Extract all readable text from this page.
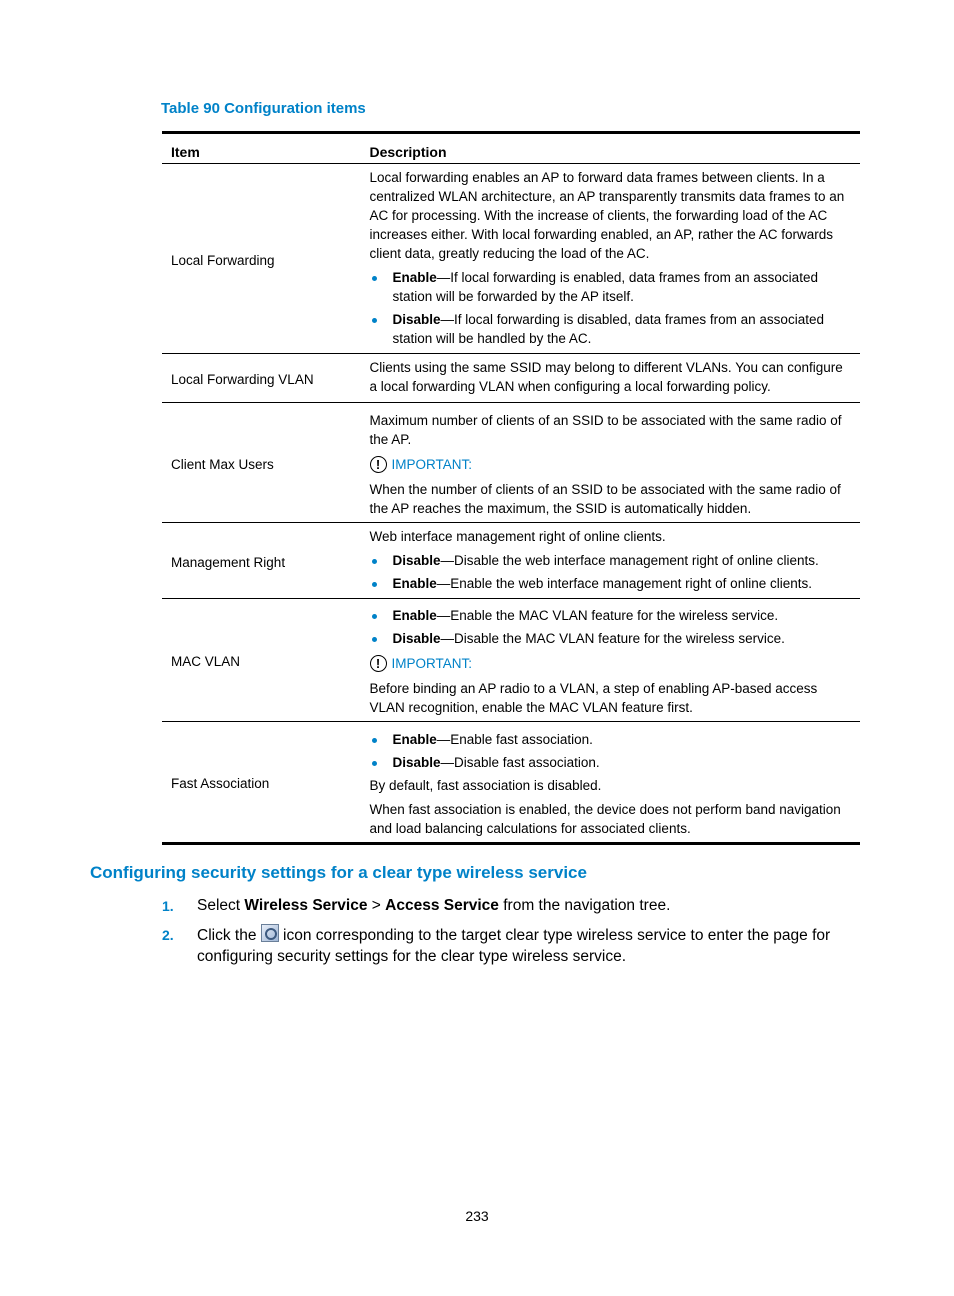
Table 90 Configuration items
Item	Description
Local Forwarding	Local forwarding enables an AP to forward data frames between clients. In a centralized WLAN architecture, an AP transparently transmits data frames to an AC for processing. With the increase of clients, the forwarding load of the AC increases either. With local forwarding enabled, an AP, rather the AC forwards client data, greatly reducing the load of the AC.
Enable—If local forwarding is enabled, data frames from an associated station will be forwarded by the AP itself.
Disable—If local forwarding is disabled, data frames from an associated station will be handled by the AC.

Local Forwarding VLAN	Clients using the same SSID may belong to different VLANs. You can configure a local forwarding VLAN when configuring a local forwarding policy.

Client Max Users	Maximum number of clients of an SSID to be associated with the same radio of the AP.
! IMPORTANT:
When the number of clients of an SSID to be associated with the same radio of the AP reaches the maximum, the SSID is automatically hidden.

Management Right	Web interface management right of online clients.
Disable—Disable the web interface management right of online clients.
Enable—Enable the web interface management right of online clients.

MAC VLAN	Enable—Enable the MAC VLAN feature for the wireless service.
Disable—Disable the MAC VLAN feature for the wireless service.
! IMPORTANT:
Before binding an AP radio to a VLAN, a step of enabling AP-based access VLAN recognition, enable the MAC VLAN feature first.

Fast Association	Enable—Enable fast association.
Disable—Disable fast association.
By default, fast association is disabled.
When fast association is enabled, the device does not perform band navigation and load balancing calculations for associated clients.
Configuring security settings for a clear type wireless service
1. Select Wireless Service > Access Service from the navigation tree.
2. Click the  icon corresponding to the target clear type wireless service to enter the page for configuring security settings for the clear type wireless service.
233
